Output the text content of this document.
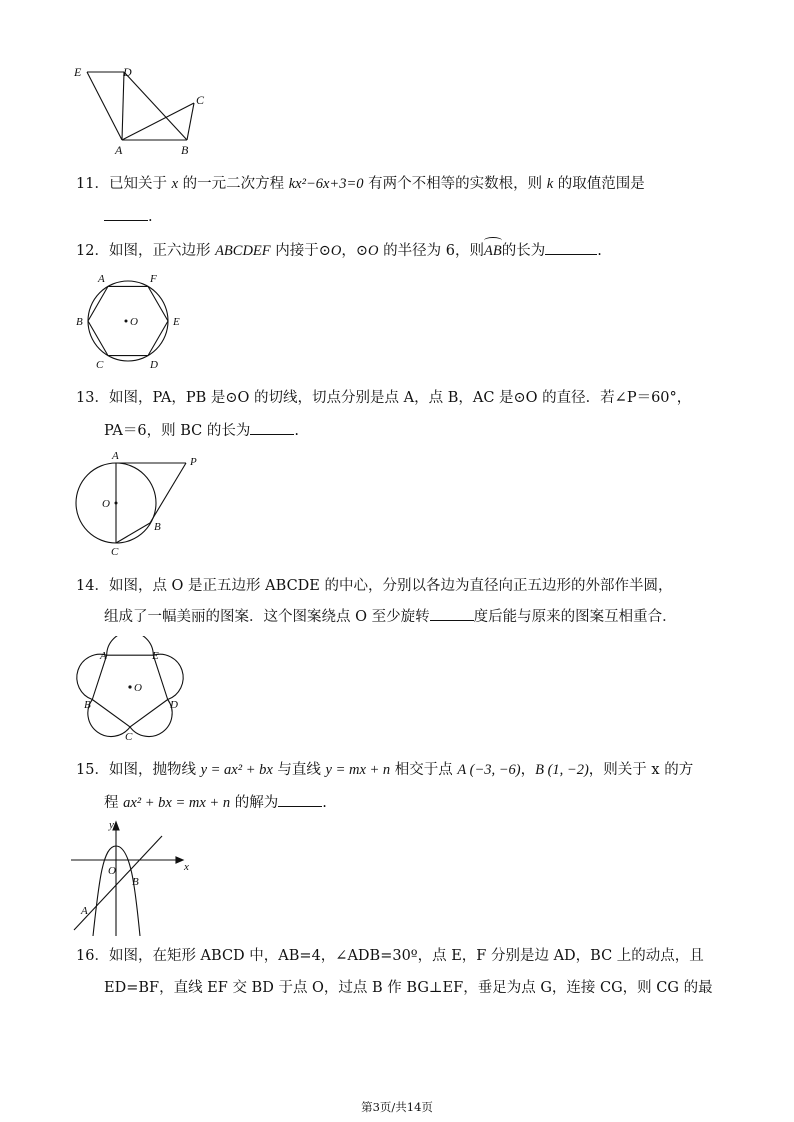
E	D
C
A	B
11．已知关于 x 的一元二次方程 kx²−6x+3=0 有两个不相等的实数根，则 k 的取值范围是
.
12．如图，正六边形 ABCDEF 内接于⊙O，⊙O 的半径为 6，则
AB的长为	.
A	F
B	O	E
C	D
13．如图，PA，PB 是⊙O 的切线，切点分别是点 A，点 B，AC 是⊙O 的直径．若∠P＝60°，
PA＝6，则 BC 的长为	.
A	P
O
B
C
14．如图，点 O 是正五边形 ABCDE 的中心，分别以各边为直径向正五边形的外部作半圆，
组成了一幅美丽的图案．这个图案绕点 O 至少旋转	度后能与原来的图案互相重合．
A	E
O
B	D
C
15．如图，抛物线 y = ax² + bx 与直线 y = mx + n 相交于点 A (−3, −6)，B (1, −2)，则关于 x 的方
程 ax² + bx = mx + n 的解为	.
y
x
O
B
A
16．如图，在矩形 ABCD 中，AB=4，∠ADB=30º，点 E，F 分别是边 AD，BC 上的动点，且
ED=BF，直线 EF 交 BD 于点 O，过点 B 作 BG⊥EF，垂足为点 G，连接 CG，则 CG 的最
第3页/共14页
